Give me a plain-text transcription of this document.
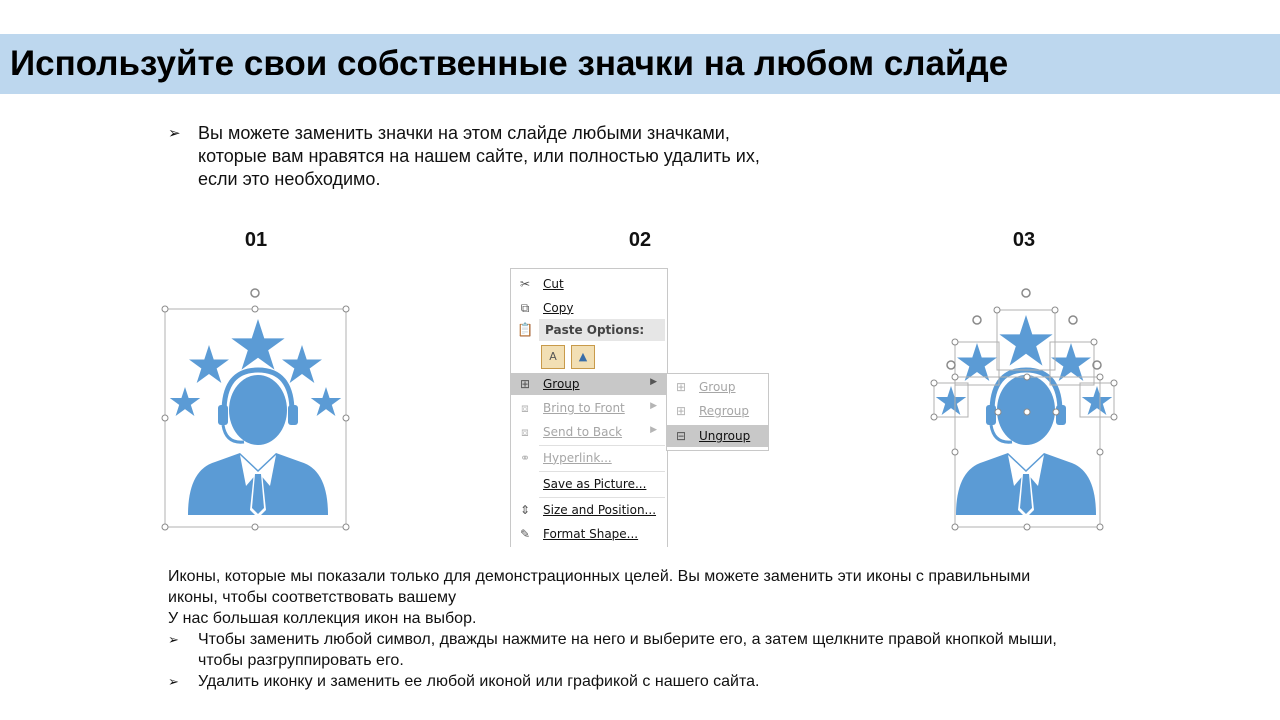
Используйте свои собственные значки на любом слайде
➢ Вы можете заменить значки на этом слайде любыми значками,
которые вам нравятся на нашем сайте, или полностью удалить их,
если это необходимо.
01	02	03
✂ Cut
⧉	Copy
📋 Paste Options:
A	▲
⊞ Group	▶
⧈	Bring to Front	▶
⧈	Send to Back	▶
⚭ Hyperlink...
Save as Picture...
⇕ Size and Position...
✎ Format Shape...
⊞ Group
⊞ Regroup
⊟ Ungroup
Иконы, которые мы показали только для демонстрационных целей. Вы можете заменить эти иконы с правильными
иконы, чтобы соответствовать вашему
У нас большая коллекция икон на выбор.
➢ Чтобы заменить любой символ, дважды нажмите на него и выберите его, а затем щелкните правой кнопкой мыши,
чтобы разгруппировать его.
➢ Удалить иконку и заменить ее любой иконой или графикой с нашего сайта.
